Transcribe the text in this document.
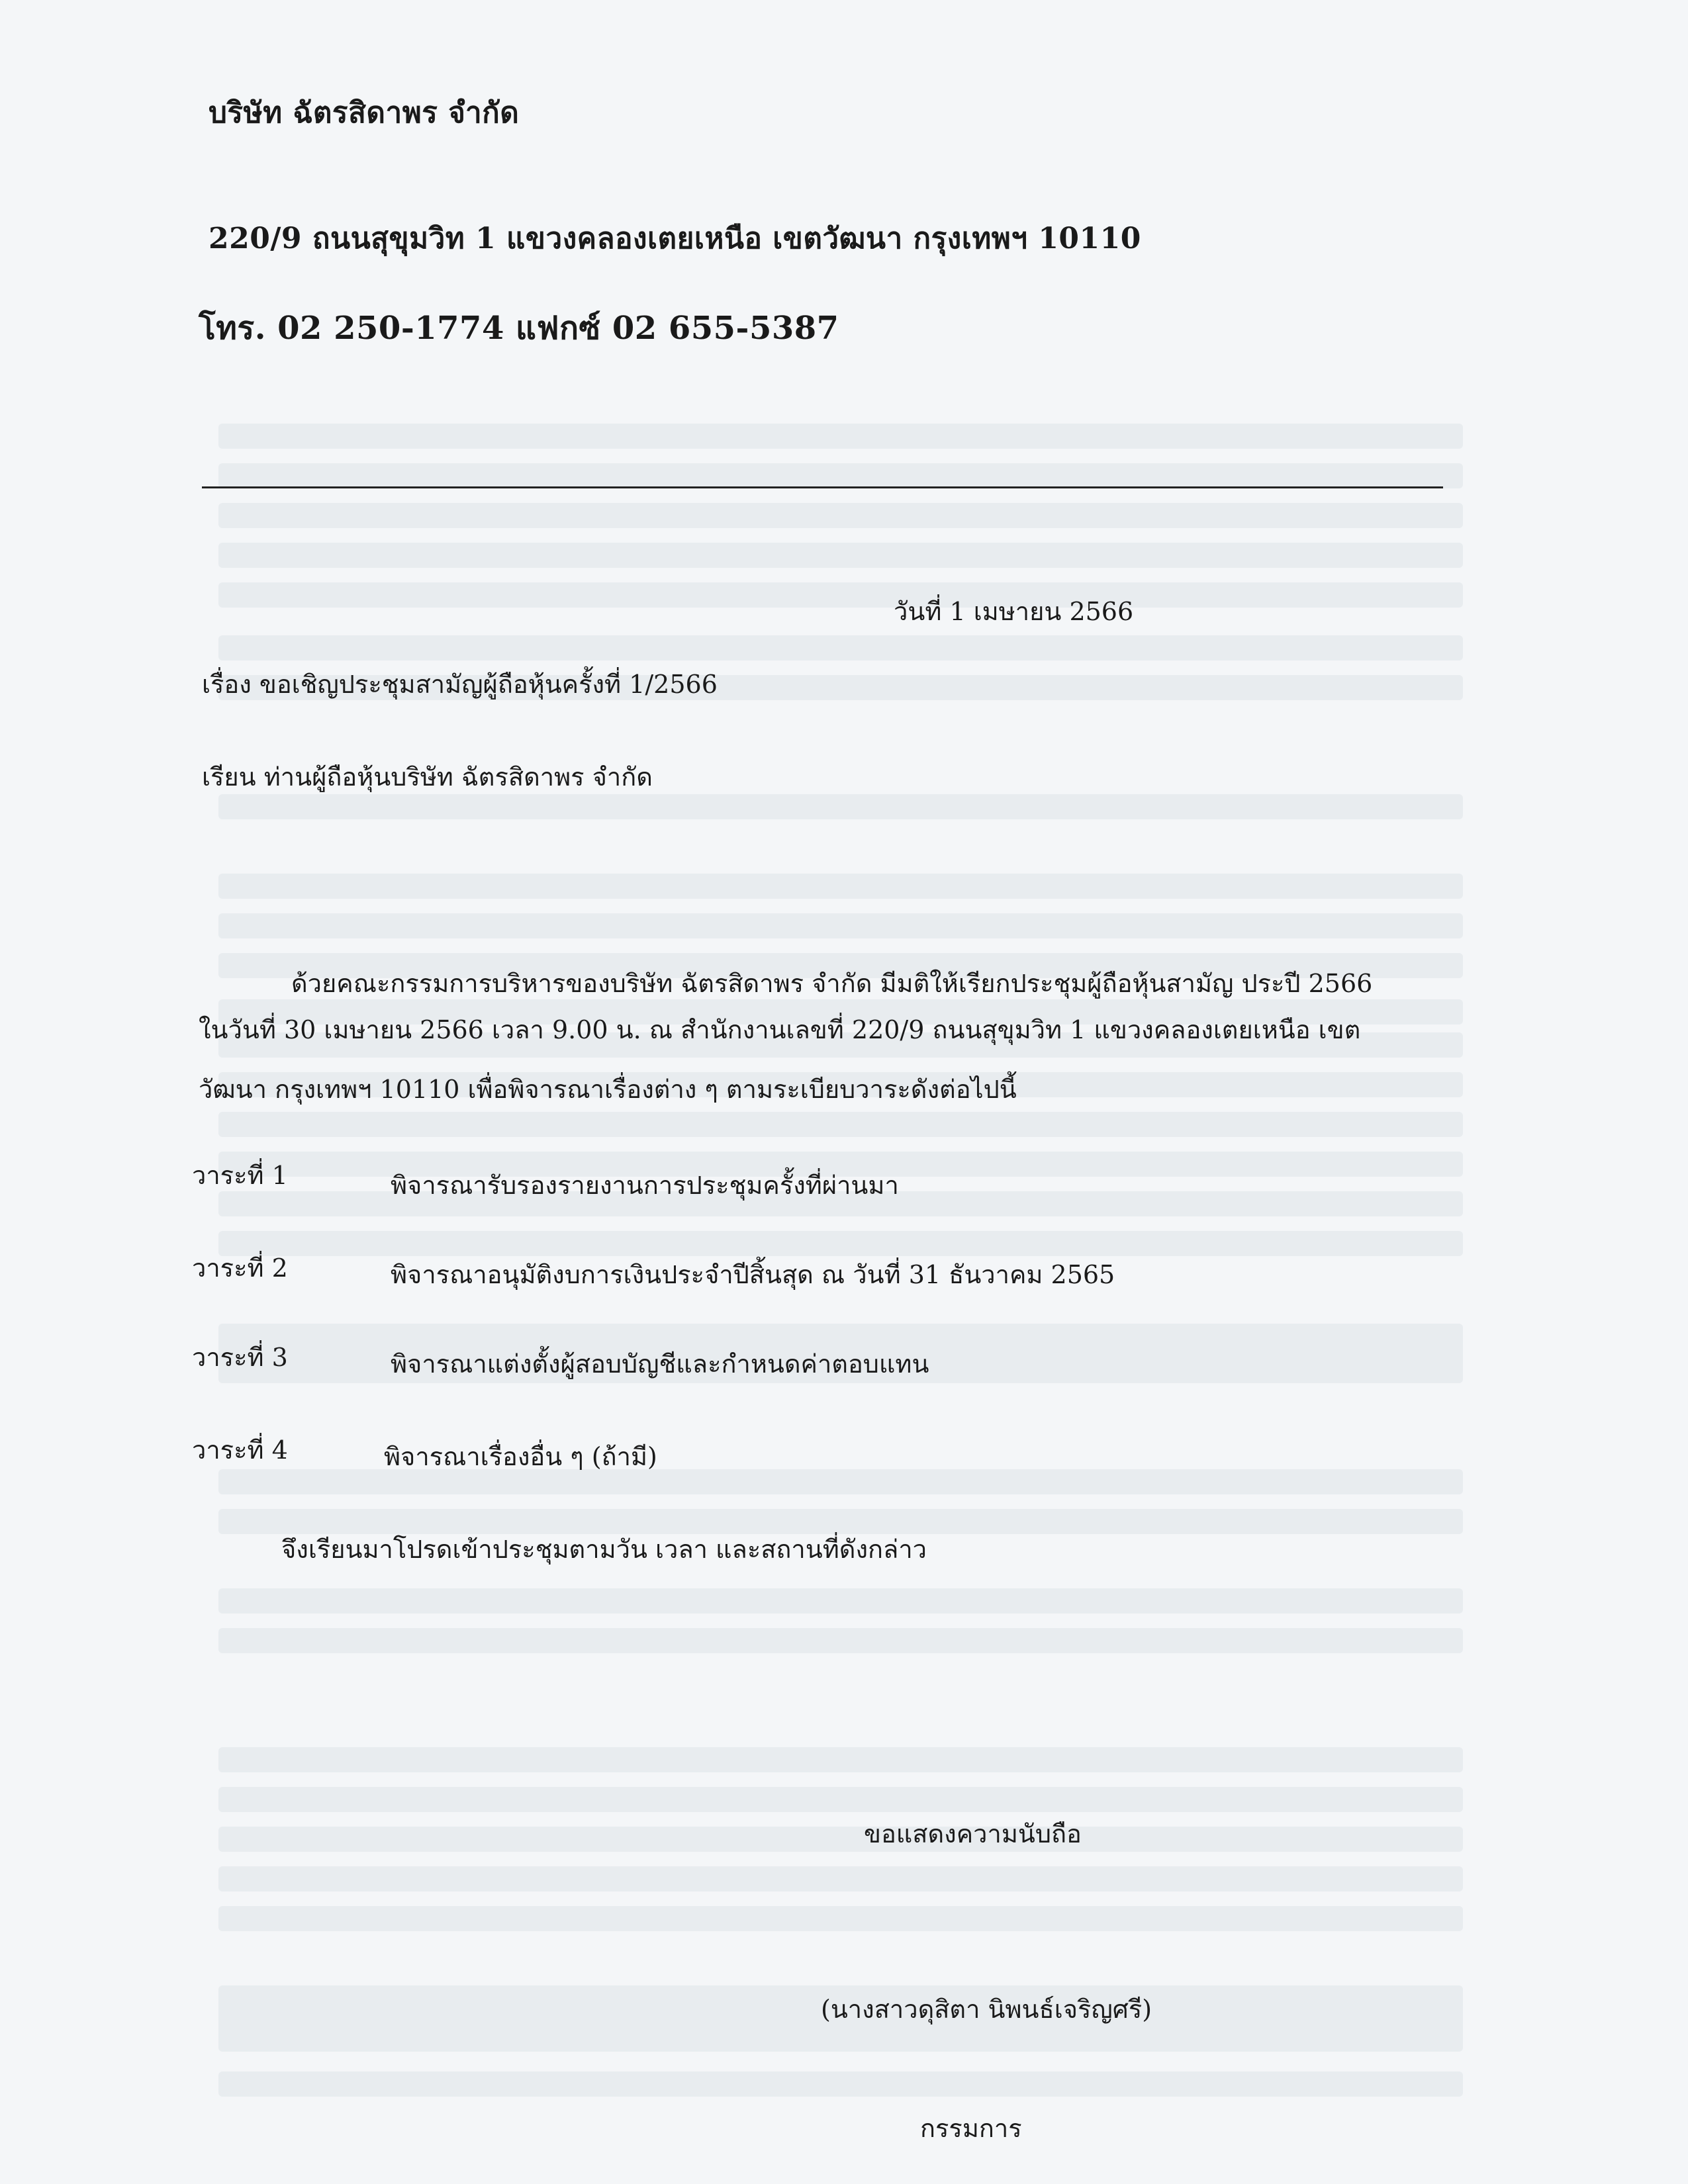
บริษัท ฉัตรสิดาพร จำกัด
220/9 ถนนสุขุมวิท 1 แขวงคลองเตยเหนือ เขตวัฒนา กรุงเทพฯ 10110
โทร. 02 250-1774 แฟกซ์ 02 655-5387
วันที่ 1 เมษายน 2566
เรื่อง ขอเชิญประชุมสามัญผู้ถือหุ้นครั้งที่ 1/2566
เรียน ท่านผู้ถือหุ้นบริษัท ฉัตรสิดาพร จำกัด
ด้วยคณะกรรมการบริหารของบริษัท ฉัตรสิดาพร จำกัด มีมติให้เรียกประชุมผู้ถือหุ้นสามัญ ประปี 2566
ในวันที่ 30 เมษายน 2566 เวลา 9.00 น. ณ สำนักงานเลขที่ 220/9 ถนนสุขุมวิท 1 แขวงคลองเตยเหนือ เขต
วัฒนา กรุงเทพฯ 10110 เพื่อพิจารณาเรื่องต่าง ๆ ตามระเบียบวาระดังต่อไปนี้
วาระที่ 1	พิจารณารับรองรายงานการประชุมครั้งที่ผ่านมา
วาระที่ 2	พิจารณาอนุมัติงบการเงินประจำปีสิ้นสุด ณ วันที่ 31 ธันวาคม 2565
วาระที่ 3	พิจารณาแต่งตั้งผู้สอบบัญชีและกำหนดค่าตอบแทน
วาระที่ 4	พิจารณาเรื่องอื่น ๆ (ถ้ามี)
จึงเรียนมาโปรดเข้าประชุมตามวัน เวลา และสถานที่ดังกล่าว
ขอแสดงความนับถือ
(นางสาวดุสิตา นิพนธ์เจริญศรี)
กรรมการ
